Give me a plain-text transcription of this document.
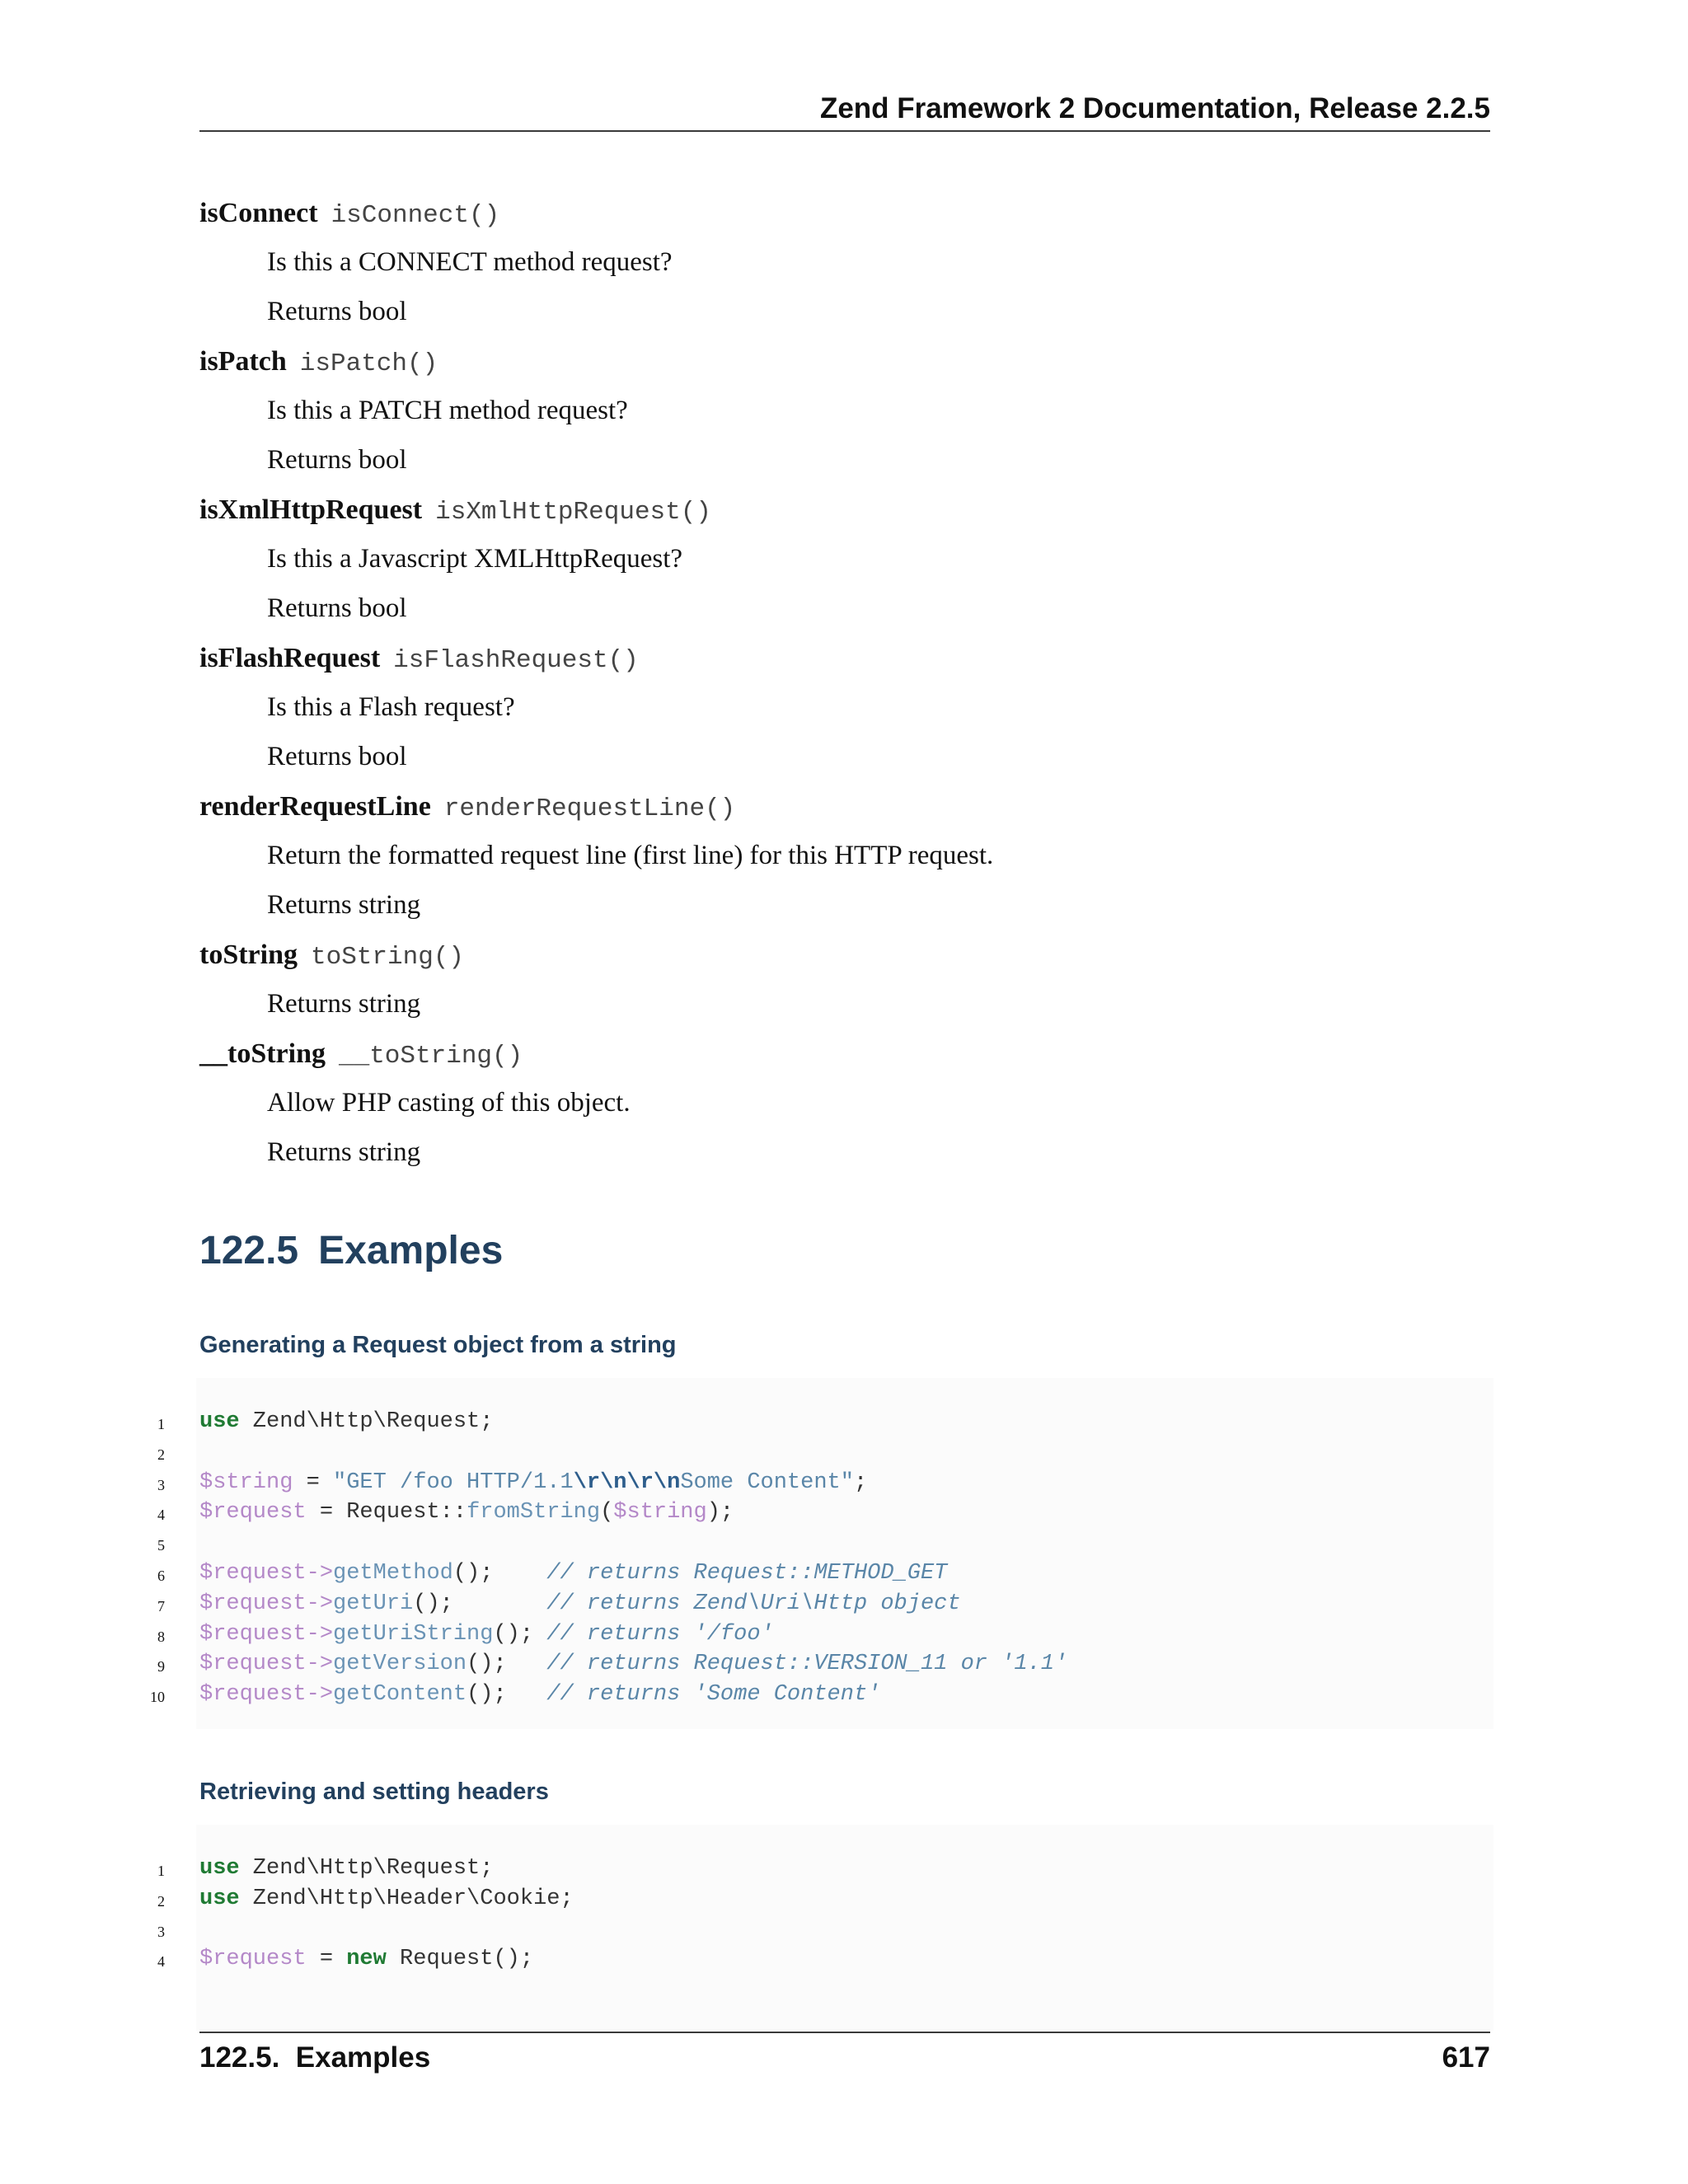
Zend Framework 2 Documentation, Release 2.2.5
isConnect isConnect()
Is this a CONNECT method request?
Returns bool
isPatch isPatch()
Is this a PATCH method request?
Returns bool
isXmlHttpRequest isXmlHttpRequest()
Is this a Javascript XMLHttpRequest?
Returns bool
isFlashRequest isFlashRequest()
Is this a Flash request?
Returns bool
renderRequestLine renderRequestLine()
Return the formatted request line (first line) for this HTTP request.
Returns string
toString toString()
Returns string
__toString __toString()
Allow PHP casting of this object.
Returns string
122.5 Examples
Generating a Request object from a string
1 use Zend\Http\Request;
2
3 $string = "GET /foo HTTP/1.1\r\n\r\nSome Content";
4 $request = Request::fromString($string);
5
6 $request->getMethod();    // returns Request::METHOD_GET
7 $request->getUri();       // returns Zend\Uri\Http object
8 $request->getUriString(); // returns '/foo'
9 $request->getVersion();   // returns Request::VERSION_11 or '1.1'
10 $request->getContent();   // returns 'Some Content'
Retrieving and setting headers
1 use Zend\Http\Request;
2 use Zend\Http\Header\Cookie;
3
4 $request = new Request();
122.5.  Examples	617
